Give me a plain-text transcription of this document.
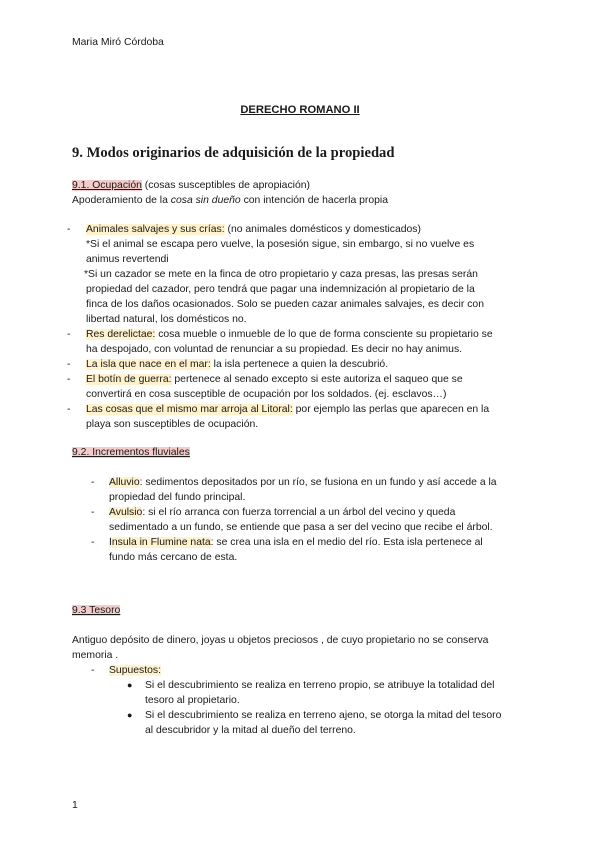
Maria Miró Córdoba
DERECHO ROMANO II
9. Modos originarios de adquisición de la propiedad
9.1. Ocupación (cosas susceptibles de apropiación)
Apoderamiento de la cosa sin dueño con intención de hacerla propia
- Animales salvajes y sus crías: (no animales domésticos y domesticados)
*Si el animal se escapa pero vuelve, la posesión sigue, sin embargo, si no vuelve es
animus revertendi
*Si un cazador se mete en la finca de otro propietario y caza presas, las presas serán
propiedad del cazador, pero tendrá que pagar una indemnización al propietario de la
finca de los daños ocasionados. Solo se pueden cazar animales salvajes, es decir con
libertad natural, los domésticos no.
- Res derelictae: cosa mueble o inmueble de lo que de forma consciente su propietario se
ha despojado, con voluntad de renunciar a su propiedad. Es decir no hay animus.
- La isla que nace en el mar: la isla pertenece a quien la descubrió.
- El botín de guerra: pertenece al senado excepto si este autoriza el saqueo que se
convertirá en cosa susceptible de ocupación por los soldados. (ej. esclavos…)
- Las cosas que el mismo mar arroja al Litoral: por ejemplo las perlas que aparecen en la
playa son susceptibles de ocupación.
9.2. Incrementos fluviales
- Alluvio: sedimentos depositados por un río, se fusiona en un fundo y así accede a la
propiedad del fundo principal.
- Avulsio: si el río arranca con fuerza torrencial a un árbol del vecino y queda
sedimentado a un fundo, se entiende que pasa a ser del vecino que recibe el árbol.
- Insula in Flumine nata: se crea una isla en el medio del río. Esta isla pertenece al
fundo más cercano de esta.
9.3 Tesoro
Antiguo depósito de dinero, joyas u objetos preciosos , de cuyo propietario no se conserva
memoria .
- Supuestos:
● Si el descubrimiento se realiza en terreno propio, se atribuye la totalidad del
tesoro al propietario.
● Si el descubrimiento se realiza en terreno ajeno, se otorga la mitad del tesoro
al descubridor y la mitad al dueño del terreno.
1
